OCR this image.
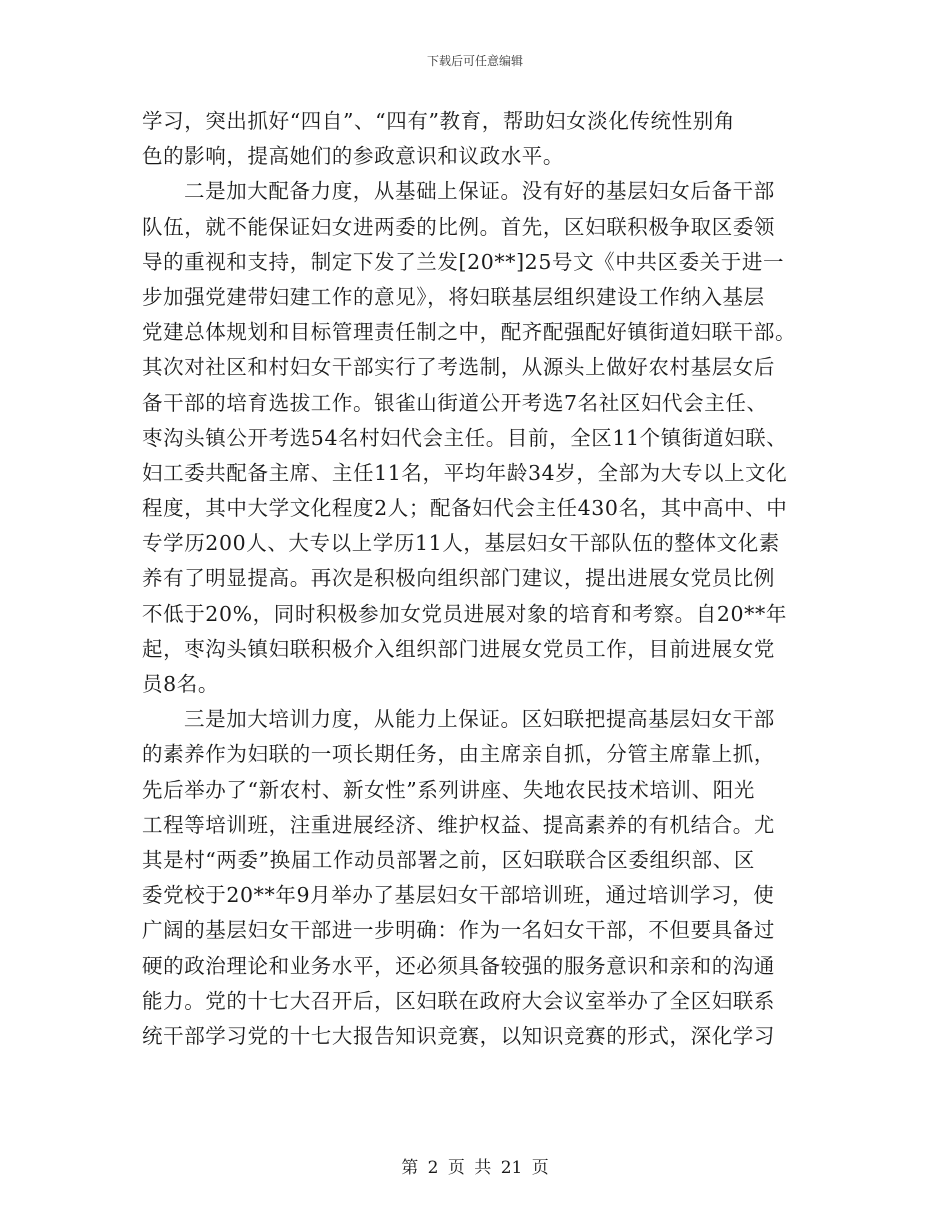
下载后可任意编辑
学习，突出抓好“四自”、“四有”教育，帮助妇女淡化传统性别角
色的影响，提高她们的参政意识和议政水平。
二是加大配备力度，从基础上保证。没有好的基层妇女后备干部
队伍，就不能保证妇女进两委的比例。首先，区妇联积极争取区委领
导的重视和支持，制定下发了兰发[20**]25号文《中共区委关于进一
步加强党建带妇建工作的意见》，将妇联基层组织建设工作纳入基层
党建总体规划和目标管理责任制之中，配齐配强配好镇街道妇联干部。
其次对社区和村妇女干部实行了考选制，从源头上做好农村基层女后
备干部的培育选拔工作。银雀山街道公开考选7名社区妇代会主任、
枣沟头镇公开考选54名村妇代会主任。目前，全区11个镇街道妇联、
妇工委共配备主席、主任11名，平均年龄34岁，全部为大专以上文化
程度，其中大学文化程度2人；配备妇代会主任430名，其中高中、中
专学历200人、大专以上学历11人，基层妇女干部队伍的整体文化素
养有了明显提高。再次是积极向组织部门建议，提出进展女党员比例
不低于20%，同时积极参加女党员进展对象的培育和考察。自20**年
起，枣沟头镇妇联积极介入组织部门进展女党员工作，目前进展女党
员8名。
三是加大培训力度，从能力上保证。区妇联把提高基层妇女干部
的素养作为妇联的一项长期任务，由主席亲自抓，分管主席靠上抓，
先后举办了“新农村、新女性”系列讲座、失地农民技术培训、阳光
工程等培训班，注重进展经济、维护权益、提高素养的有机结合。尤
其是村“两委”换届工作动员部署之前，区妇联联合区委组织部、区
委党校于20**年9月举办了基层妇女干部培训班，通过培训学习，使
广阔的基层妇女干部进一步明确：作为一名妇女干部，不但要具备过
硬的政治理论和业务水平，还必须具备较强的服务意识和亲和的沟通
能力。党的十七大召开后，区妇联在政府大会议室举办了全区妇联系
统干部学习党的十七大报告知识竞赛，以知识竞赛的形式，深化学习
第 2 页 共 21 页
